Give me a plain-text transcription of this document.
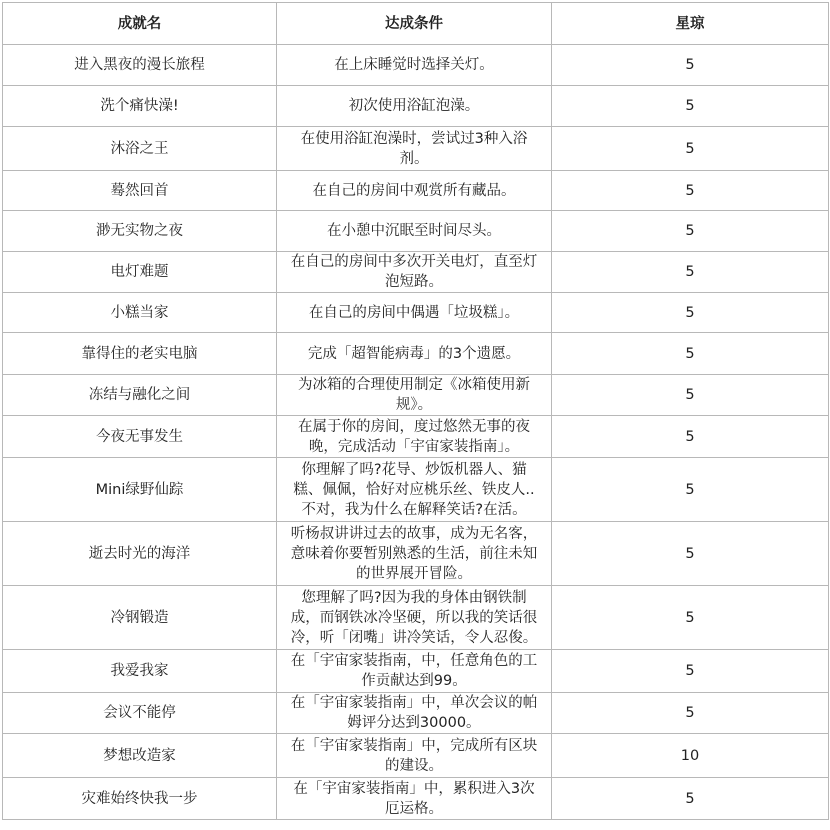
成就名	达成条件	星琼
进入黑夜的漫长旅程	在上床睡觉时选择关灯。	5
洗个痛快澡!	初次使用浴缸泡澡。	5
沐浴之王	在使用浴缸泡澡时，尝试过3种入浴剂。	5
蓦然回首	在自己的房间中观赏所有藏品。	5
渺无实物之夜	在小憩中沉眠至时间尽头。	5
电灯难题	在自己的房间中多次开关电灯，直至灯泡短路。	5
小糕当家	在自己的房间中偶遇「垃圾糕」。	5
靠得住的老实电脑	完成「超智能病毒」的3个遗愿。	5
冻结与融化之间	为冰箱的合理使用制定《冰箱使用新规》。	5
今夜无事发生	在属于你的房间，度过悠然无事的夜晚，完成活动「宇宙家装指南」。	5
Mini绿野仙踪	你理解了吗?花导、炒饭机器人、猫糕、佩佩，恰好对应桃乐丝、铁皮人..不对，我为什么在解释笑话?在活。	5
逝去时光的海洋	听杨叔讲讲过去的故事，成为无名客，意味着你要暂别熟悉的生活，前往未知的世界展开冒险。	5
冷钢锻造	您理解了吗?因为我的身体由钢铁制成，而钢铁冰冷坚硬，所以我的笑话很冷，听「闭嘴」讲冷笑话，令人忍俊。	5
我爱我家	在「宇宙家装指南，中，任意角色的工作贡献达到99。	5
会议不能停	在「宇宙家装指南」中，单次会议的帕姆评分达到30000。	5
梦想改造家	在「宇宙家装指南」中，完成所有区块的建设。	10
灾难始终快我一步	在「宇宙家装指南」中，累积进入3次厄运格。	5
